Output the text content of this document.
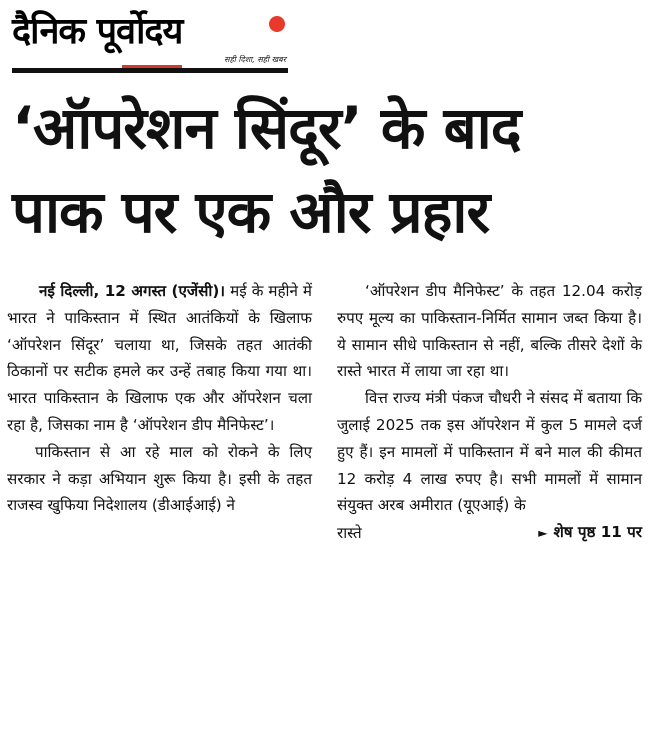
दैनिक पूर्वोदय
सही दिशा, सही खबर
‘ऑपरेशन सिंदूर’ के बाद
पाक पर एक और प्रहार

नई दिल्ली, 12 अगस्त (एजेंसी)। मई के महीने में भारत ने पाकिस्तान में स्थित आतंकियों के खिलाफ ‘ऑपरेशन सिंदूर’ चलाया था, जिसके तहत आतंकी ठिकानों पर सटीक हमले कर उन्हें तबाह किया गया था। भारत पाकिस्तान के खिलाफ एक और ऑपरेशन चला रहा है, जिसका नाम है ‘ऑपरेशन डीप मैनिफेस्ट’।

पाकिस्तान से आ रहे माल को रोकने के लिए सरकार ने कड़ा अभियान शुरू किया है। इसी के तहत राजस्व खुफिया निदेशालय (डीआईआई) ने

‘ऑपरेशन डीप मैनिफेस्ट’ के तहत 12.04 करोड़ रुपए मूल्य का पाकिस्तान-निर्मित सामान जब्त किया है। ये सामान सीधे पाकिस्तान से नहीं, बल्कि तीसरे देशों के रास्ते भारत में लाया जा रहा था।

वित्त राज्य मंत्री पंकज चौधरी ने संसद में बताया कि जुलाई 2025 तक इस ऑपरेशन में कुल 5 मामले दर्ज हुए हैं। इन मामलों में पाकिस्तान में बने माल की कीमत 12 करोड़ 4 लाख रुपए है। सभी मामलों में सामान संयुक्त अरब अमीरात (यूएआई) के

रास्ते	► शेष पृष्ठ 11 पर
